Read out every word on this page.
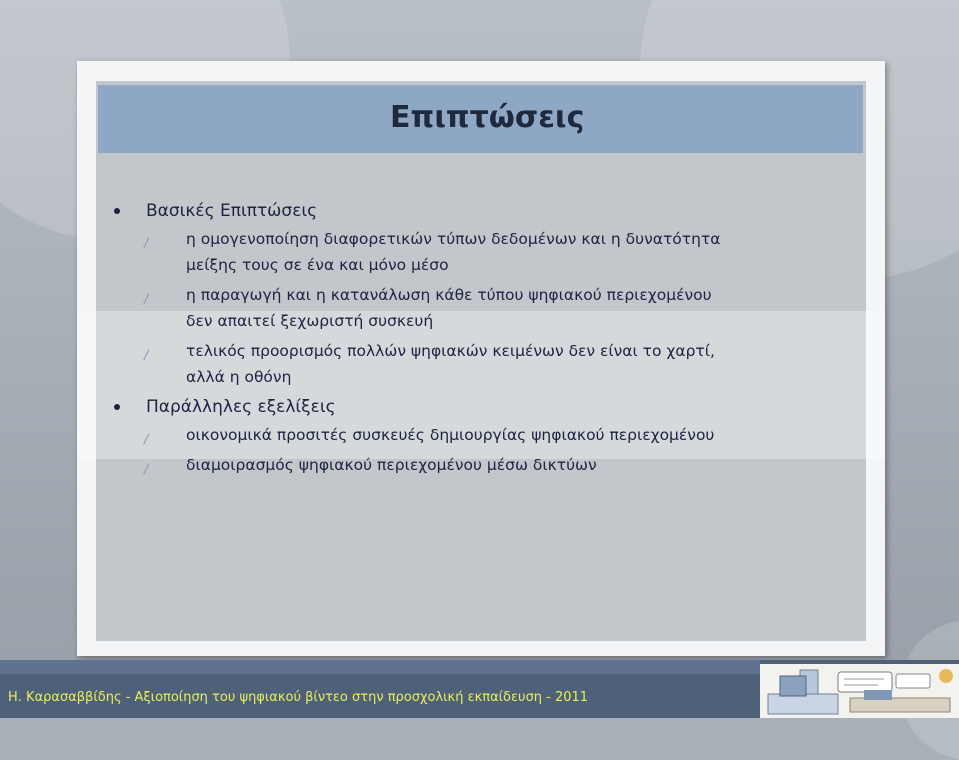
Επιπτώσεις
Βασικές Επιπτώσεις
∕ η ομογενοποίηση διαφορετικών τύπων δεδομένων και η δυνατότητα
μείξης τους σε ένα και μόνο μέσο
∕ η παραγωγή και η κατανάλωση κάθε τύπου ψηφιακού περιεχομένου
δεν απαιτεί ξεχωριστή συσκευή
∕ τελικός προορισμός πολλών ψηφιακών κειμένων δεν είναι το χαρτί,
αλλά η οθόνη
Παράλληλες εξελίξεις
∕ οικονομικά προσιτές συσκευές δημιουργίας ψηφιακού περιεχομένου
∕ διαμοιρασμός ψηφιακού περιεχομένου μέσω δικτύων
Η. Καρασαββίδης - Αξιοποίηση του ψηφιακού βίντεο στην προσχολική εκπαίδευση - 2011
